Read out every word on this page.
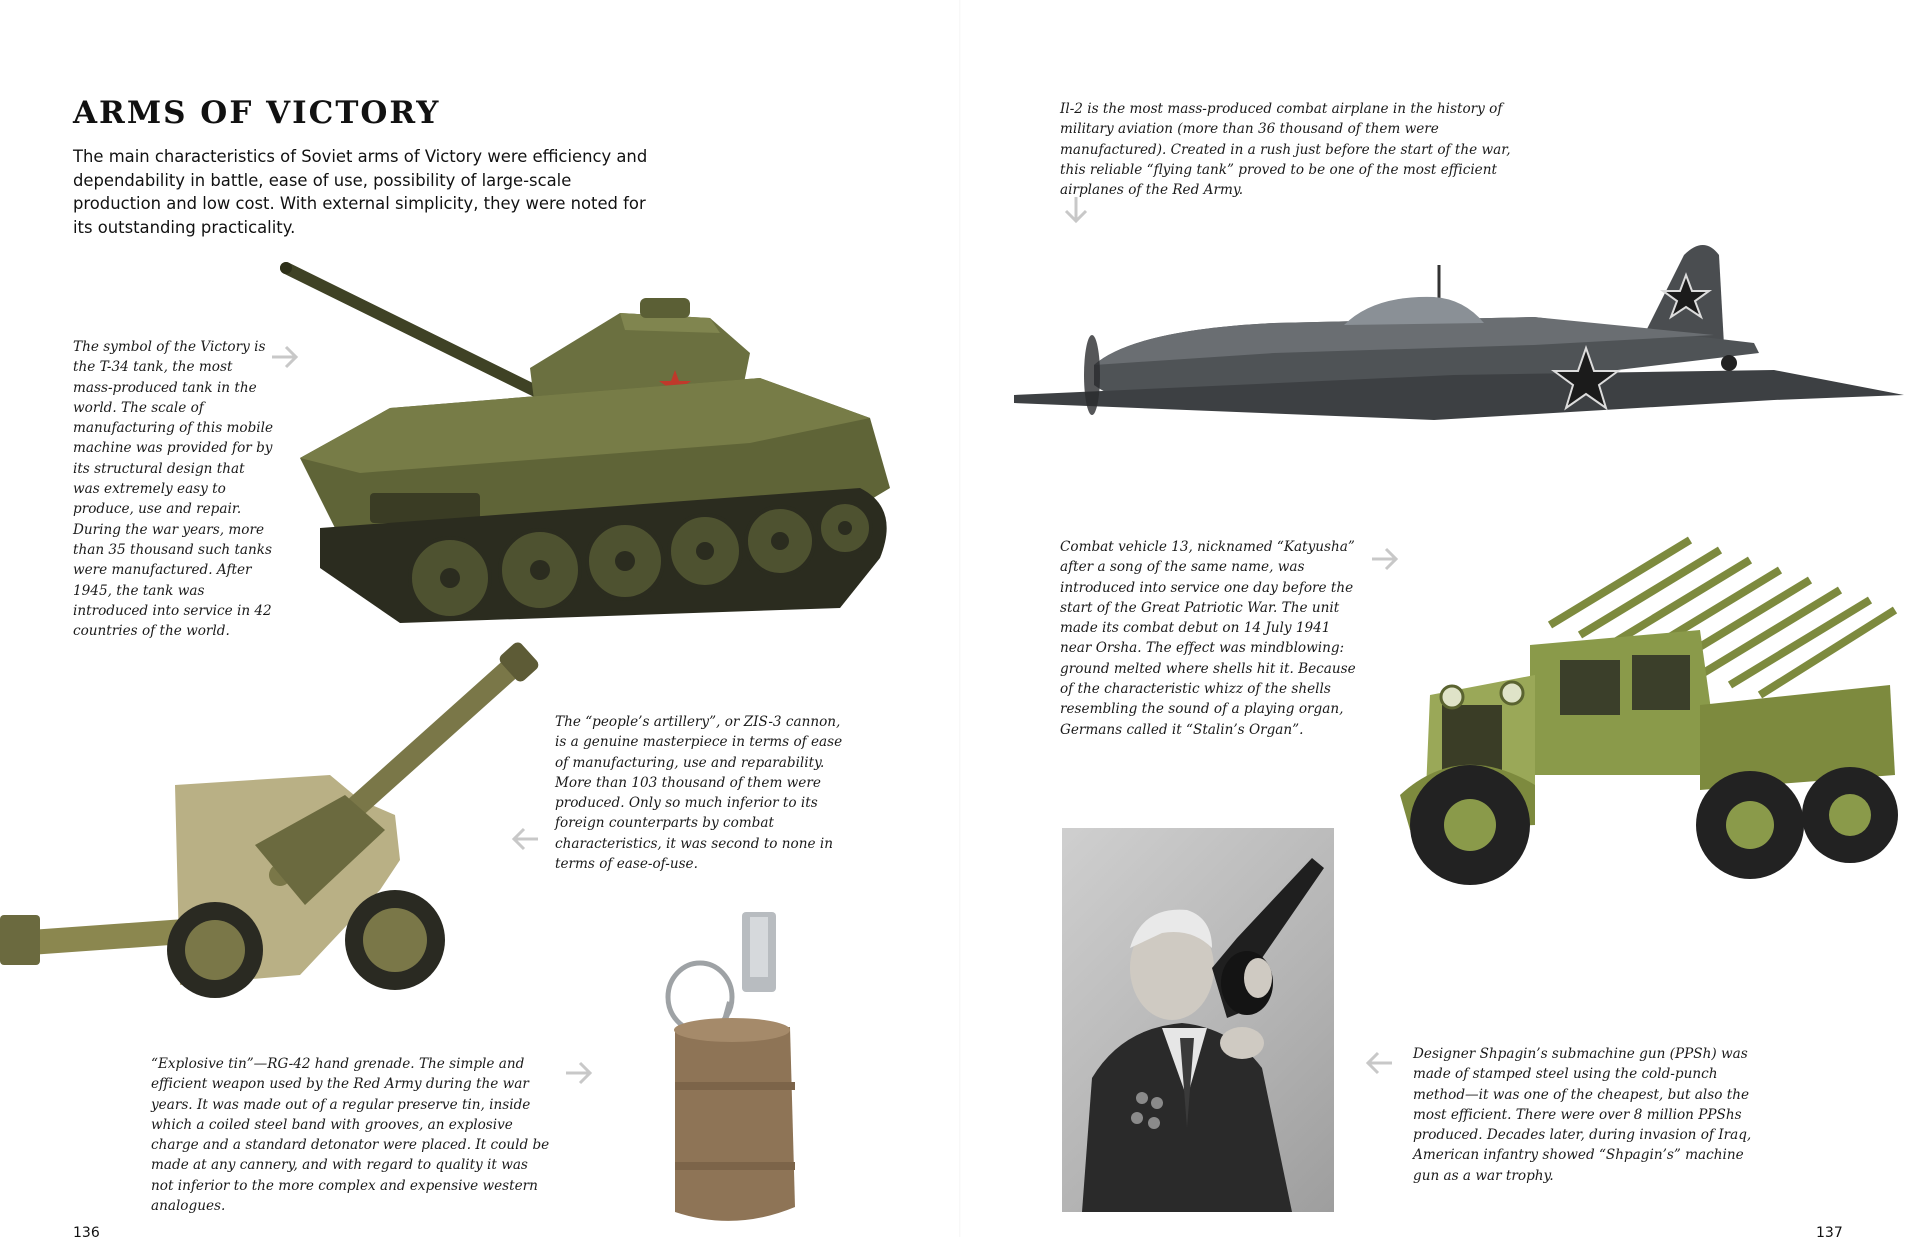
ARMS OF VICTORY

The main characteristics of Soviet arms of Victory were efficiency and dependability in battle, ease of use, possibility of large-scale production and low cost. With external simplicity, they were noted for its outstanding practicality.

The symbol of the Victory is the T-34 tank, the most mass-produced tank in the world. The scale of manufacturing of this mobile machine was provided for by its structural design that was extremely easy to produce, use and repair. During the war years, more than 35 thousand such tanks were manufactured. After 1945, the tank was introduced into service in 42 countries of the world.

The “people’s artillery”, or ZIS-3 cannon, is a genuine masterpiece in terms of ease of manufacturing, use and reparability. More than 103 thousand of them were produced. Only so much inferior to its foreign counterparts by combat characteristics, it was second to none in terms of ease-of-use.

“Explosive tin”—RG-42 hand grenade. The simple and efficient weapon used by the Red Army during the war years. It was made out of a regular preserve tin, inside which a coiled steel band with grooves, an explosive charge and a standard detonator were placed. It could be made at any cannery, and with regard to quality it was not inferior to the more complex and expensive western analogues.

Il-2 is the most mass-produced combat airplane in the history of military aviation (more than 36 thousand of them were manufactured). Created in a rush just before the start of the war, this reliable “flying tank” proved to be one of the most efficient airplanes of the Red Army.

Combat vehicle 13, nicknamed “Katyusha” after a song of the same name, was introduced into service one day before the start of the Great Patriotic War. The unit made its combat debut on 14 July 1941 near Orsha. The effect was mindblowing: ground melted where shells hit it. Because of the characteristic whizz of the shells resembling the sound of a playing organ, Germans called it “Stalin’s Organ”.

Designer Shpagin’s submachine gun (PPSh) was made of stamped steel using the cold-punch method—it was one of the cheapest, but also the most efficient. There were over 8 million PPShs produced. Decades later, during invasion of Iraq, American infantry showed “Shpagin’s” machine gun as a war trophy.

136	137
